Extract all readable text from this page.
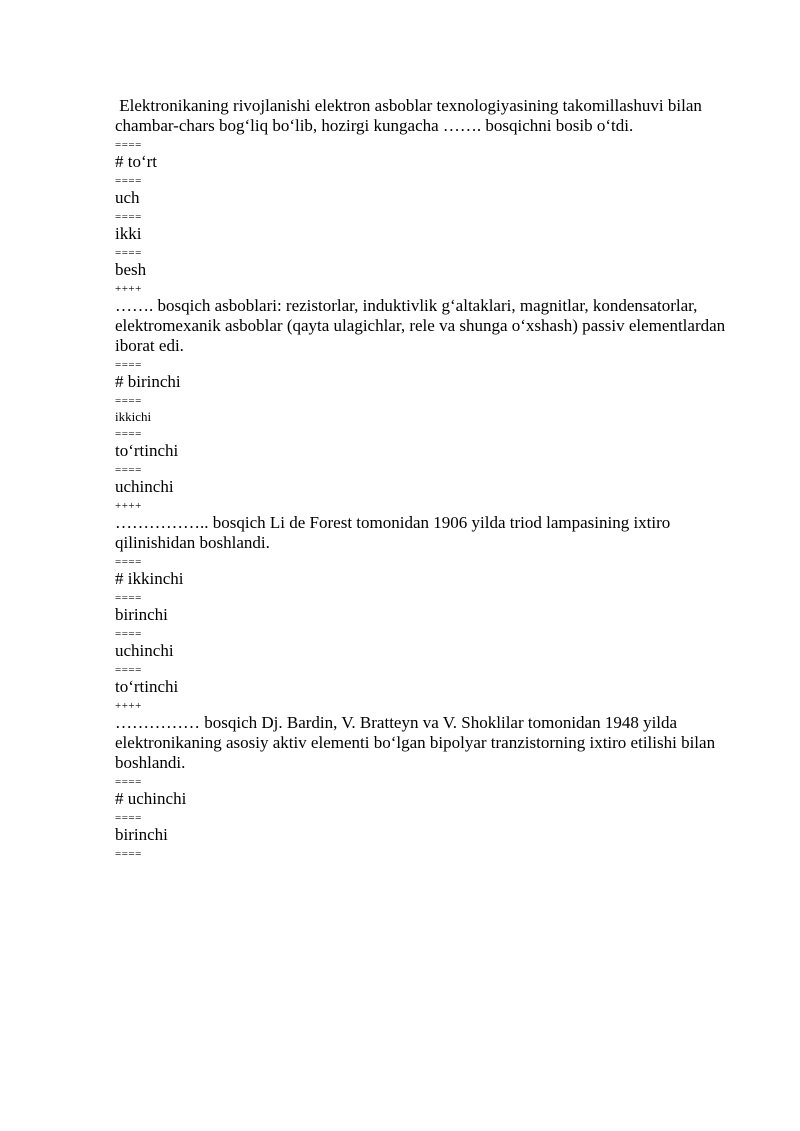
Elektronikaning rivojlanishi elektron asboblar texnologiyasining takomillashuvi bilan chambar-chars bog‘liq bo‘lib, hozirgi kungacha ……. bosqichni bosib o‘tdi.

====

# to‘rt

====

uch

====

ikki

====

besh

++++

……. bosqich asboblari: rezistorlar, induktivlik g‘altaklari, magnitlar, kondensatorlar, elektromexanik asboblar (qayta ulagichlar, rele va shunga o‘xshash) passiv elementlardan iborat edi.

====

# birinchi

====

ikkichi

====

to‘rtinchi

====

uchinchi

++++

…………….. bosqich Li de Forest tomonidan 1906 yilda triod lampasining ixtiro qilinishidan boshlandi.

====

# ikkinchi

====

birinchi

====

uchinchi

====

to‘rtinchi

++++

…………… bosqich Dj. Bardin, V. Bratteyn va V. Shoklilar tomonidan 1948 yilda elektronikaning asosiy aktiv elementi bo‘lgan bipolyar tranzistorning ixtiro etilishi bilan boshlandi.

====

# uchinchi

====

birinchi

====
